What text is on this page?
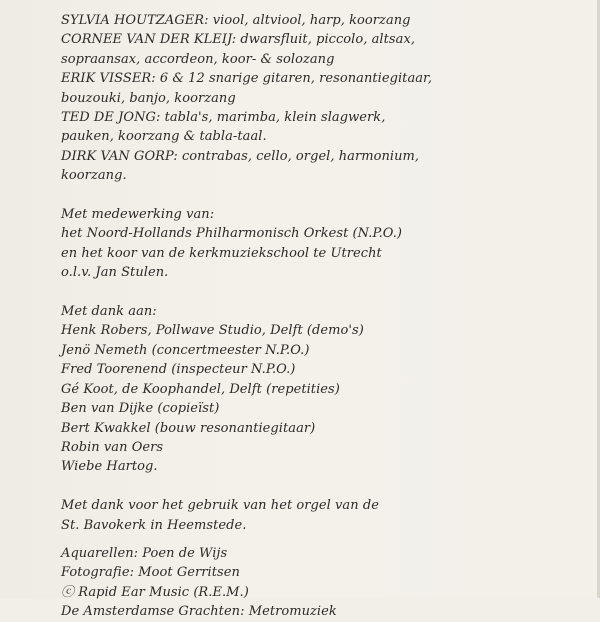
SYLVIA HOUTZAGER: viool, altviool, harp, koorzang
CORNEE VAN DER KLEIJ: dwarsfluit, piccolo, altsax,
sopraansax, accordeon, koor- & solozang
ERIK VISSER: 6 & 12 snarige gitaren, resonantiegitaar,
bouzouki, banjo, koorzang
TED DE JONG: tabla's, marimba, klein slagwerk,
pauken, koorzang & tabla-taal.
DIRK VAN GORP: contrabas, cello, orgel, harmonium,
koorzang.
Met medewerking van:
het Noord-Hollands Philharmonisch Orkest (N.P.O.)
en het koor van de kerkmuziekschool te Utrecht
o.l.v. Jan Stulen.
Met dank aan:
Henk Robers, Pollwave Studio, Delft (demo's)
Jenö Nemeth (concertmeester N.P.O.)
Fred Toorenend (inspecteur N.P.O.)
Gé Koot, de Koophandel, Delft (repetities)
Ben van Dijke (copieïst)
Bert Kwakkel (bouw resonantiegitaar)
Robin van Oers
Wiebe Hartog.
Met dank voor het gebruik van het orgel van de
St. Bavokerk in Heemstede.
Aquarellen: Poen de Wijs
Fotografie: Moot Gerritsen
ⓒ Rapid Ear Music (R.E.M.)
De Amsterdamse Grachten: Metromuziek
